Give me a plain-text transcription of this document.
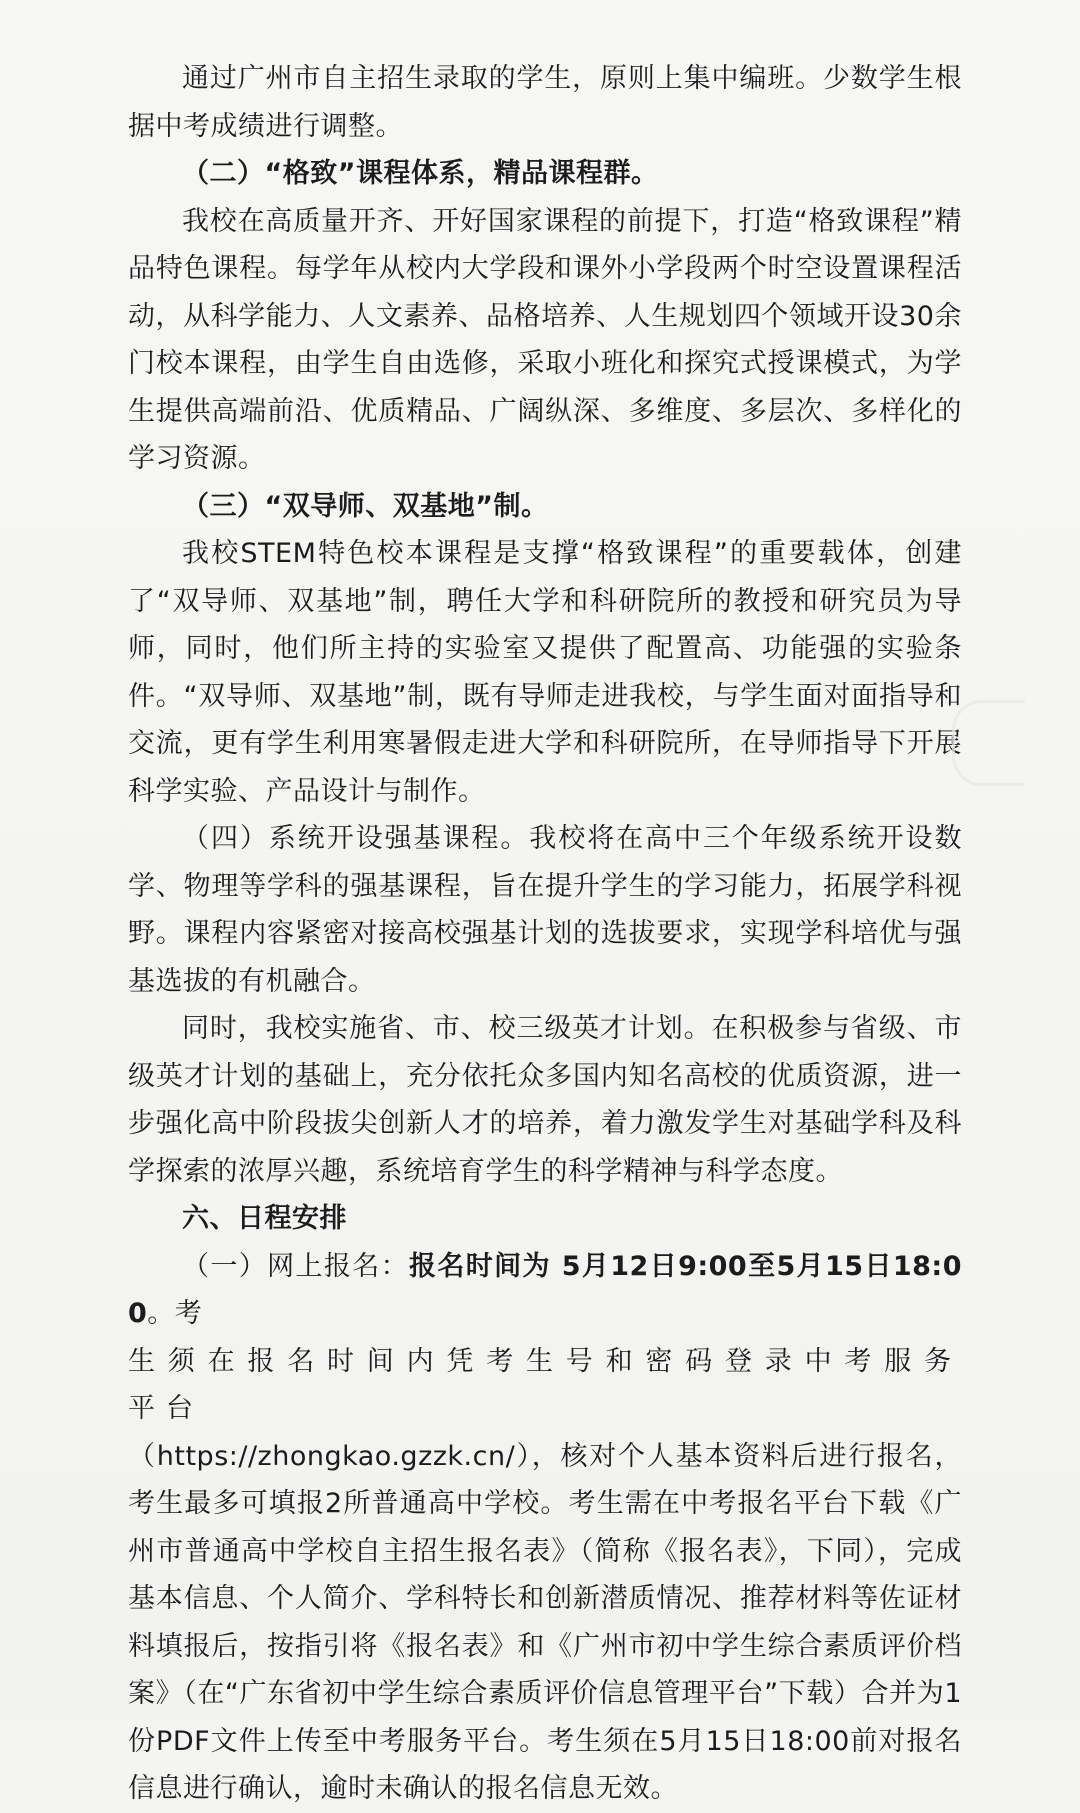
通过广州市自主招生录取的学生，原则上集中编班。少数学生根据中考成绩进行调整。

（二）“格致”课程体系，精品课程群。

我校在高质量开齐、开好国家课程的前提下，打造“格致课程”精品特色课程。每学年从校内大学段和课外小学段两个时空设置课程活动，从科学能力、人文素养、品格培养、人生规划四个领域开设30余门校本课程，由学生自由选修，采取小班化和探究式授课模式，为学生提供高端前沿、优质精品、广阔纵深、多维度、多层次、多样化的学习资源。

（三）“双导师、双基地”制。

我校STEM特色校本课程是支撑“格致课程”的重要载体，创建了“双导师、双基地”制，聘任大学和科研院所的教授和研究员为导师，同时，他们所主持的实验室又提供了配置高、功能强的实验条件。“双导师、双基地”制，既有导师走进我校，与学生面对面指导和交流，更有学生利用寒暑假走进大学和科研院所，在导师指导下开展科学实验、产品设计与制作。

（四）系统开设强基课程。我校将在高中三个年级系统开设数学、物理等学科的强基课程，旨在提升学生的学习能力，拓展学科视野。课程内容紧密对接高校强基计划的选拔要求，实现学科培优与强基选拔的有机融合。

同时，我校实施省、市、校三级英才计划。在积极参与省级、市级英才计划的基础上，充分依托众多国内知名高校的优质资源，进一步强化高中阶段拔尖创新人才的培养，着力激发学生对基础学科及科学探索的浓厚兴趣，系统培育学生的科学精神与科学态度。

六、日程安排

（一）网上报名：报名时间为 5月12日9:00至5月15日18:00。考

生须在报名时间内凭考生号和密码登录中考服务平台

（https://zhongkao.gzzk.cn/），核对个人基本资料后进行报名，考生最多可填报2所普通高中学校。考生需在中考报名平台下载《广州市普通高中学校自主招生报名表》（简称《报名表》，下同），完成基本信息、个人简介、学科特长和创新潜质情况、推荐材料等佐证材料填报后，按指引将《报名表》和《广州市初中学生综合素质评价档案》（在“广东省初中学生综合素质评价信息管理平台”下载）合并为1份PDF文件上传至中考服务平台。考生须在5月15日18:00前对报名信息进行确认，逾时未确认的报名信息无效。
